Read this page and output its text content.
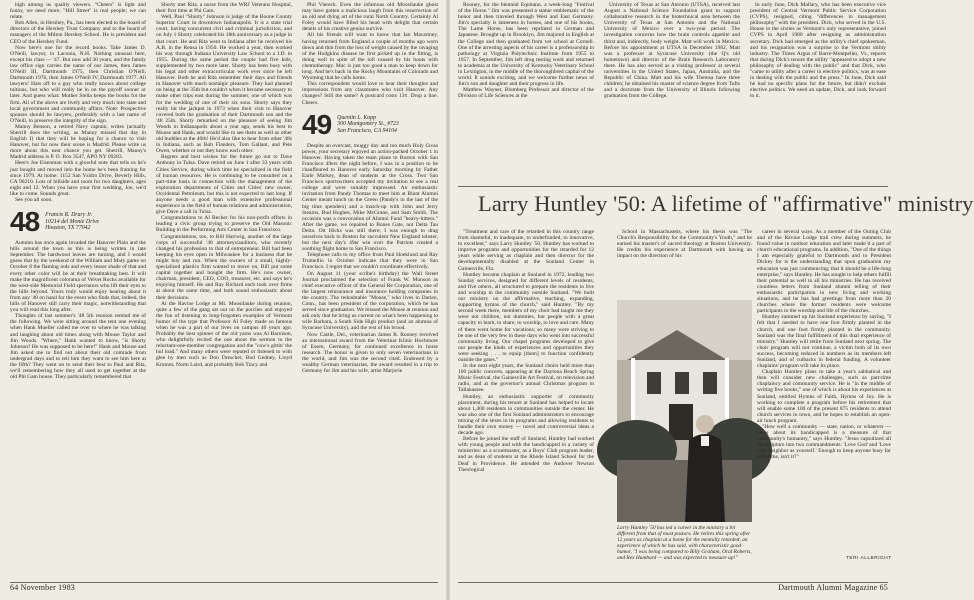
high among us quality viewers. "Cheers" is light and funny, we need more. "Hill Street" is real people; we can relate.

Bob Allen, in Hershey, Pa., has been elected to the board of directors of the Hershey Trust Company and to the board of managers of the Milton Hershey School. He is president and CEO of the Hershey Fund.

Now here's one for the record books. Take James D. O'Neill, lawyer, in Laconia, N.H. Nothing unusual here, except his class — '47. But now add 30 years, and the family law office sign carries the name of our James, then James O'Neill III, Dartmouth 1975, then Christian O'Neill, Dartmouth 1976, then James O'Neill IV, Dartmouth 1977. All lawyers! Hats off to a guy who really knows about college tuitions, but who will really be in on the payoff sooner or later. And guess what: Mother Stella keeps the books for the firm. All of the above are lively and very much into state and local government and community affairs. Note: Prospective spouses should be lawyers, preferably with a last name of O'Neill, to preserve the integrity of the sign.

Manny Benson, a retired Navy captain, writes (actually Sherrill does the writing, as Manny missed that day in English I) that they will be hoping for a chance to visit Hanover, but for now their scene is Madrid. Please write us more about this nest chance you get. Sherrill, Manny's Madrid address is P. O. Box 3547, APO NY 09283.

Here's Joe Eisenman with a glowful note that tells us he's just bought and moved into the home he's been framing for since 1979. At home: 1152 San Ysidro Drive, Beverly Hills, CA 90210. Lots of hillside and room for two daughters, ages eight and 12. When you have your first wedding, Joe, we'd like to come. Sounds great.

See you all soon.

48 Francis R. Drury Jr.
10214 del Monte Drive
Houston, TX 77042

Autumn has once again invaded the Hanover Plain and the hills around the town as this is being written in late September. The hardwood leaves are turning, and I would guess that by the weekend of the William and Mary game on October 8 the flaming reds and every lesser shade of that and every other color will be at their breathtaking best. It will make the magnificent colorama of Velvet Rocks available for the west-side Memorial Field spectators who lift their eyes to the hills beyond. Yours truly would enjoy hearing about it from any '48 on hand for the event who finds that, indeed, the hills of Hanover still carry their magic, notwithstanding that you will read this long after.

Thoughts of last summer's '48 5th reunion remind me of the following. We were sitting around the tent one evening when Hank Mueller called me over to where he was talking and laughing about old times along with Mouse Taylor and Jim Woods. "Where," Hank wanted to know, "is Shorty Johnson? He was supposed to be here!" Hank and Mouse and Jim asked me to find out about their old comrade from undergrad days and to tell him they want to see him here at the fifth? They went on to send their best to Paul and Rita, we'll remembering how they all used to get together at the old Phi Gam house. They particularly remembered that

Shorty met Rita, a nurse from the WRJ Veterans Hospital, their first time at Phi Gam.

Well, Paul "Shorty" Johnson is judge of the Boone County Superior Court in downtown Indianapolis. It is a state trial court, having concurrent civil and criminal jurisdiction, and on July 1 Shorty celebrated his 18th anniversary as a judge in that court. He and Rita went to Indiana after he received his A.B. in the Rensa in 1950. He worked a year, then worked his way through Indiana University Law School to a J.D. in 1955. During the same period the couple had five kids, supplemented by two more later. Shorty has been busy with his legal and other extracurricular work ever since he left Hanover. Both he and Rita remember their days and friends in Hanover with much nostalgic pleasure. They had planned on being at the 35th but couldn't when it became necessary to make other trips east during the summer, one of which was for the wedding of one of their six sons. Shorty says they really hit the jackpot in 1973 when their visit to Hanover covered both the graduation of their Dartmouth son and the '48 25th. Shorty remarked on the pleasure of seeing Jim Woods in Indianapolis about a year ago, sends his best to Mouse and Hank, and would like to see them as well as other old buddies at the 40th! He'd also like to hear from other '48s in Indiana, such as Bob Flanders, Tom Gallant, and Pete Owen, whether or not they know each other.

Regrets and best wishes for the future go out to Dave Anthony in Tulsa. Dave retired on June 1 after 33 years with Cities Service, during which time he specialized in the field of human resources. He is continuing to be consulted on a part-time basis in connection with the management of the exploration departments of Cities and Cities' new owner, Occidental Petroleum, but this is not expected to last long. If anyone needs a good man with extensive professional experience in the field of human relations and administration, give Dave a call in Tulsa.

Congratulations to Al Becker for his non-profit efforts in leading a civic group trying to preserve the Old Masonic Building in the Performing Arts Center in San Francisco.

Congratulations, too, to Bill Harrwig, another of the large corps of successful '48 attorneys/auditors, who recently changed his profession to that of entrepreneur. Bill had been keeping his eyes open in Milwaukee for a business that he might buy and run. When the owners of a small, highly-specialized plastics firm wanted to move on, Bill put some capital together and bought the firm. He's now owner, chairman, president, CEO, COO, treasurer, etc. and says he's enjoying himself. He and Ray Richard each took over firms at about the same time, and both sound enthusiastic about their decisions.

At the Ravine Lodge at Mt. Moosilauke during reunion, quite a few of the gang sat out on the porches and enjoyed the fun of listening to long-forgotten examples of Vermont humor of the type that Professor Al Foley made so famous when he was a part of our lives on campus 40 years ago. Probably the best spinner of the old yarns was Al Barnison, who delightfully recited the one about the sermon to the reluctant-one-member congregation and the "cow's gittin' the hul load." And many others were reputed or listened to with glee by men such as Don Drescher, Bud Gedney, Lloyd Krumm, Norm Laird, and probably Bob Tracy and

Phil Viereck. Even the infamous old Moosilauke ghost may have gotten a malicious laugh from this resurrection of an old and dying art of the rural North Country. Certainly Al Foley would have filled his head with delight that certain details of his creative genius survive.

All his friends will want to know that Ian Macartney, having returned from England a couple of months ago worn down and thin from the loss of weight caused by the ravaging of the Hodgkins disease he first picked up in the fitting, is doing well in spite of the toll caused by his bouts with chemotherapy. Mac is just too good a man to keep down for long. And he's back in the Rocky Mountains of Colorado and Wyoming that he calls home.

This correspondent would love to hear their thoughts and impressions from any classmates who visit Hanover. Any changes? Still the same? A postcard costs 13¢. Drop a line. Cheers.

49 Quentin L. Kopp
300 Montgomery St., #723
San Francisco, CA 94104

Despite an overcast, muggy day and too much Holy Cross power, your secretary enjoyed an action-packed October 1 in Hanover. Having taken the team plane to Boston with San Francisco 49ers the night before, I was in a position to be chauffeured to Hanover early Saturday morning by Father Earle Markey, dean of students at the Cross. Two San Francisco sportswriters accepted my invitation to see a real college and were suitably impressed. An enthusiastic invitation from Pandy Thomas to meet him at Blunt Alumni Center meant lunch on the Green (Pandy's in the last of the big time spenders) and a match-up with John and Jerry Stearns, Bud Hughes, Mike McGrane, and Sam Smith. The occasion was a convocation of Alumni Fund "heavy-hitters." After the game, we repaired to Bones Gate, not Delta Tau Delta. Ott Hicks was still there; I was enough to drag ourselves back to Boston for succulent New England lobster, but the next day's 49er win over the Patriots created a soothing flight home to San Francisco.

Telephone calls to my office from Paul Hoeklund and Ray Trumellio in October indicate that they were in San Francisco. I regret that we couldn't coordinate effectively.

On August 11 (your scribe's birthday) the Wall Street Journal proclaimed the selection of Frank W. Munson as chief executive officer of the General Re Corporation, one of the largest reinsurance and insurance holding companies in the country. The redoubtable "Mouse," who lives in Darien, Conn., has been president of the corporation, which he has served since graduation. We missed the Mouse at reunion and ask only that he bring us current on what's been happening to wife Barbara, a South Side High product (and an alumna of Syracuse University), and the rest of his brood.

Now Castle, Del., veterinarian James R. Rooney received an international award from the Veterinar Klinic Hochmore of Essen, Germany, for continued excellence in horse research. The honor is given to only seven veterinarians in the world, and Jim was the second cited. Endowed by a wealthy German veterinarian, the award resulted in a trip to Germany for Jim and his wife, artist Marjorie

64 November 1983

Rooney, for the biennial Equitann, a week-long "Festival of the Horse." Jim was presented a statue emblematic of the honor and then traveled through West and East Germany. Jim's specialty is lameness in horses, and one of his books, The Lame Horse, has been reprinted in German and Japanese. Brought up in Brooklyn, Jim majored in English at the College and then graduated from vet school at Cornell. One of the arresting aspects of his career is a professorship in pathology at Virginia Polytechnic Institute from 1955 to 1957. In September, Jim left drug testing work and returned to academia at the University of Kentucky Veterinary School in Lexington, in the middle of the thoroughbred capital of the world. It sounds exciting, and we welcome further news of Jim's son and daughter and their progress in life.

Matthew Wayner, Blumberg Professor and director of the Division of Life Sciences at the

University of Texas at San Antonio (UTSA), received last August a National Science Foundation grant to support collaborative research in the biotechnical area between the University of Texas at San Antonio and the National University of Mexico over a two-year period. The investigation concerns how the brain controls appetite and thirst and, indirectly, body weight. Matt will work in Mexico. Before his appointment at UTSA in December 1982, Matt was a professor at Syracuse University (the Q's old hometown) and director of the Brain Research Laboratory there. He has also served as a visiting professor at several universities in the United States, Japan, Australia, and the Republic of China. Matt and his wife Theresa have three children; he obtained his master of science degree from Tufts and a doctorate from the University of Illinois following graduation from the College.

In early June, Dick Mallary, who has been executive vice president of Central Vermont Public Service Corporation (CVPS), resigned, citing "differences in management philosophy" with the president. Dick, who served in the U.S. House in the sixties as Vermont's only representative, joined CVPS in April 1980 after resigning as administration secretary. Dick had emerged as the utility's chief spokesman, and his resignation was a surprise to the Vermont utility industry. The Times Argus of Barre-Montpelier, Vt., reports that during Dick's tenure the utility "appeared to adopt a new philosophy of dealing with the public" and that Dick, who "came to utility after a career in elective politics, was at ease in dealing with the public and the press." In June, Dick said he had no specific plans for the future, but didn't exclude elective politics. We need an update, Dick, and look forward to it.

Larry Huntley '50: A lifetime of "affirmative" ministry

"Treatment and care of the retarded in this country range from shameful, to inadequate, to underfunded, to innovative, to excellent," says Larry Huntley '50. Huntley has worked to improve programs and opportunities for the retarded for 12 years while serving as chaplain and then director for the developmentally disabled at the Sunland Center in Gainesville, Fla.

Huntley became chaplain at Sunland in 1972, leading two Sunday services, designed for different levels of residents, and five others, all structured to prepare the residents to live and worship in the community outside Sunland. "We built our ministry on the affirmative, teaching, expanding, supporting hymns of the church," said Huntley. "By my second week there, members of my choir had taught me they were not children, not dummies, but people with a great capacity to learn, to share, to worship, to love and care. Many of them went home for vacations; so many were striving to be one of the very few in these days who went into successful community living. Our chapel programs developed to give our people the kinds of experiences and opportunities they were seeking . . . to equip [them] to function confidently outside the gates."

In the next eight years, the Sunland choirs held more than 100 public concerts, appearing at the Daytona Beach Spring Music Festival, the Gainesville Art Festival, on television and radio, and at the governor's annual Christmas program in Tallahassee.

Huntley, an enthusiastic supporter of community placement, during his tenure at Sunland has helped to locate about 1,400 residents in communities outside the center. He was also one of the first Sunland administrators to encourage mixing of the sexes in its programs and allowing residents to handle their own money — novel and controversial ideas a decade ago.

Before he joined the staff of Sunland, Huntley had worked with young people and with the handicapped in a variety of ministries: as a scoutmaster, as a Boys' Club program leader, and as dean of students at the Rhode Island School for the Deaf in Providence. He attended the Andover Newton Theological

School in Massachusetts, where his thesis was "The Church's Responsibility for the Community's Youth," and he earned his master's of sacred theology at Boston University. He credits his experience at Dartmouth with having an impact on the direction of his

Larry Huntley '50 has led a career in the ministry a bit different from that of most pastors. He retires this spring after 12 years as chaplain at a home for the mentally retarded, an experience of which he has said, with characteristic good humor, "I was being compared to Billy Graham, Oral Roberts, and Rex Humbard — and was expected to measure up!"

career in several ways. As a member of the Outing Club and of the Ravine Lodge trail crew during summers, he found value in outdoor education and later made it a part of church educational programs. In addition, "One of the things I am especially grateful to Dartmouth and to President Dickey for is the understanding that upon graduation my education was just commencing; that it should be a life-long enterprise," says Huntley. He has sought to help others fulfill their potential as well in all his ministries. He has received countless letters from Sunland alumni telling of their enthusiastic participation in new living and working situations, and he has had greetings from more than 20 churches where the former residents were welcome participants in the worship and life of the churches.

Huntley summed up his Sunland experience by saying, "I felt that I needed to have one foot firmly planted in the church, and one foot firmly planted in the community. Sunland was the final fulfillment of this dual experience of ministry." Huntley will retire from Sunland next spring. The choir program will not continue, a victim both of its own success, becoming reduced in numbers as its members left Sunland, and of cutbacks in federal funding. A volunteer chaplains' program will take its place.

Chaplain Huntley plans to take a year's sabbatical and then will consider new challenges, such as part-time chaplaincy and community service. He is "in the middle of writing five books," one of which is about his experiences at Sunland, entitled Hymns of Faith, Hymns of Joy. He is working to complete a program before his retirement that will enable some 100 of the present 875 residents to attend church services in town, and he hopes to establish an open-air lunch program.

"How well a community — state, nation, or whatever — cares about its handicapped is a measure of that community's humanity," says Huntley. "Jesus capsulized all the scripture into two commandments: 'Love God' and 'Love your neighbor as yourself.' Enough to keep anyone busy for a lifetime, isn't it?"

TERI ALLBRIGHT
Dartmouth Alumni Magazine 65
